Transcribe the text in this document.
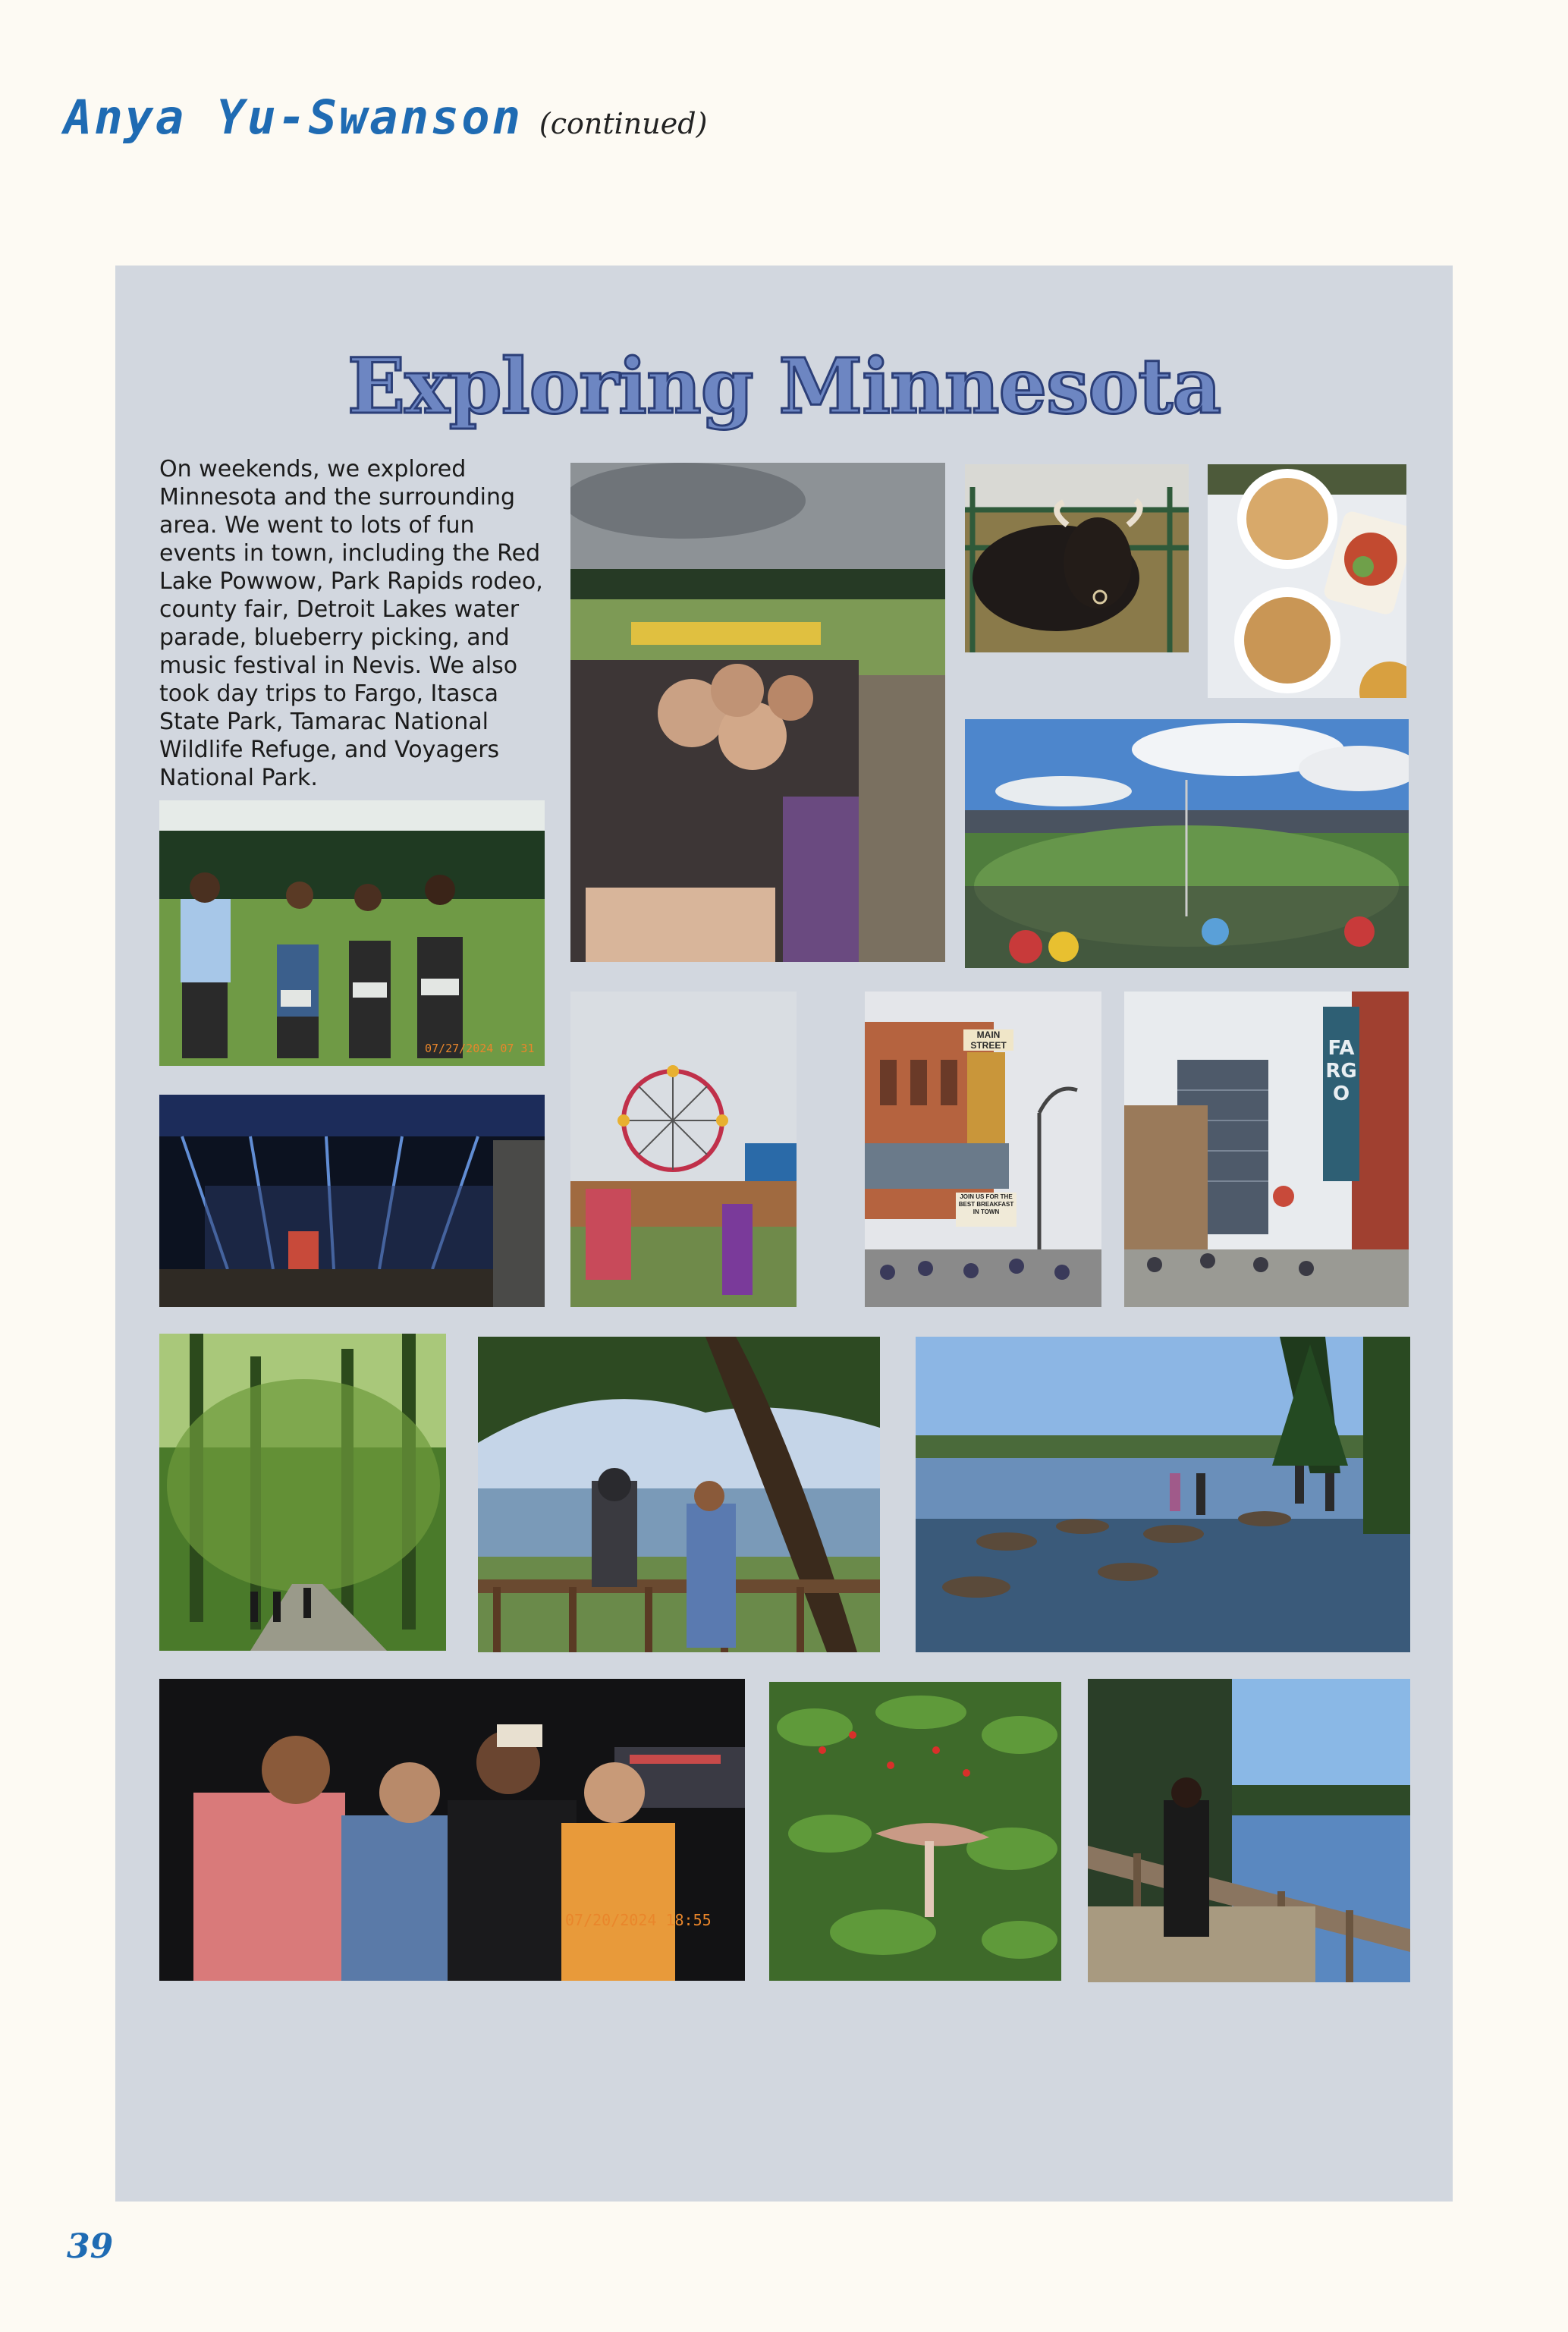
Anya Yu-Swanson (continued)
Exploring Minnesota
On weekends, we explored Minnesota and the surrounding area. We went to lots of fun events in town, including the Red Lake Powwow, Park Rapids rodeo, county fair, Detroit Lakes water parade, blueberry picking, and music festival in Nevis. We also took day trips to Fargo, Itasca State Park, Tamarac National Wildlife Refuge, and Voyagers National Park.
07/27/2024 07 31
MAIN STREET
JOIN US FOR THE BEST BREAKFAST IN TOWN
FARGO
07/20/2024 18:55
39
